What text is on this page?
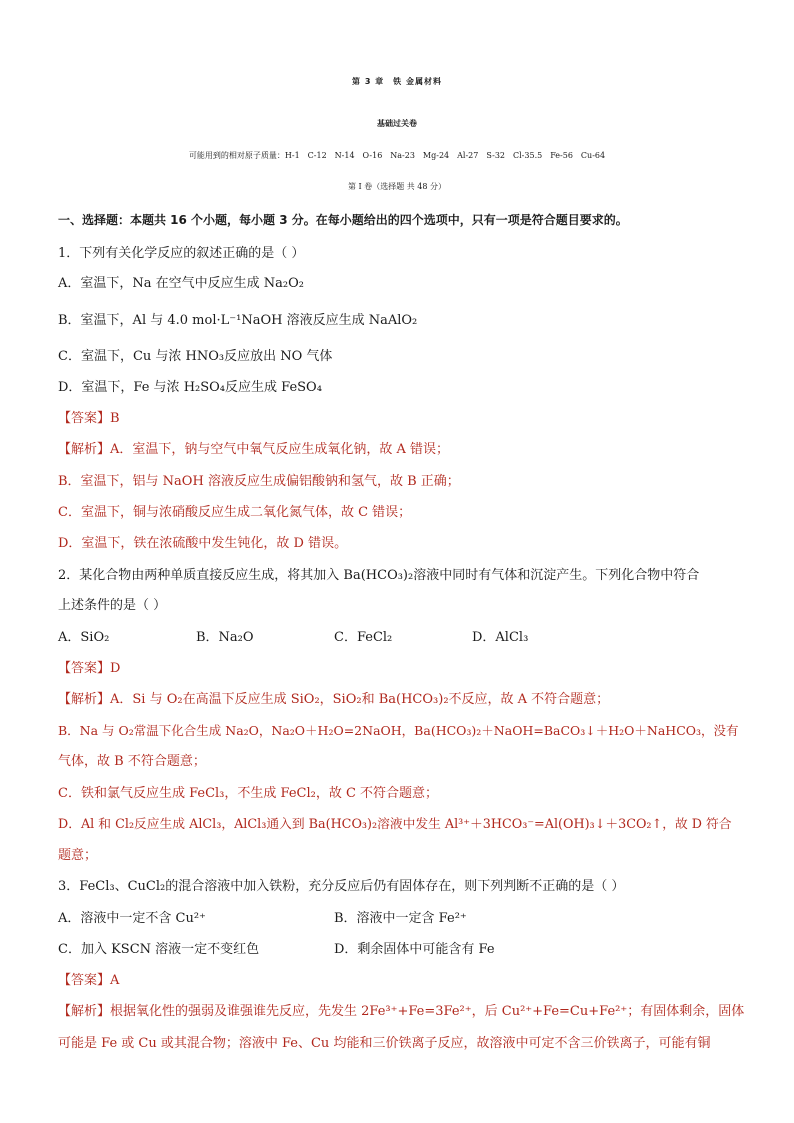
第 3 章　铁 金属材料
基础过关卷
可能用到的相对原子质量：H-1　C-12　N-14　O-16　Na-23　Mg-24　Al-27　S-32　Cl-35.5　Fe-56　Cu-64
第 I 卷（选择题 共 48 分）
一、选择题：本题共 16 个小题，每小题 3 分。在每小题给出的四个选项中，只有一项是符合题目要求的。
1．下列有关化学反应的叙述正确的是（ ）
A．室温下，Na 在空气中反应生成 Na₂O₂
B．室温下，Al 与 4.0 mol·L⁻¹NaOH 溶液反应生成 NaAlO₂
C．室温下，Cu 与浓 HNO₃反应放出 NO 气体
D．室温下，Fe 与浓 H₂SO₄反应生成 FeSO₄
【答案】B
【解析】A．室温下，钠与空气中氧气反应生成氧化钠，故 A 错误；
B．室温下，铝与 NaOH 溶液反应生成偏铝酸钠和氢气，故 B 正确；
C．室温下，铜与浓硝酸反应生成二氧化氮气体，故 C 错误；
D．室温下，铁在浓硫酸中发生钝化，故 D 错误。
2．某化合物由两种单质直接反应生成，将其加入 Ba(HCO₃)₂溶液中同时有气体和沉淀产生。下列化合物中符合
上述条件的是（ ）
A．SiO₂	B．Na₂O	C．FeCl₂	D．AlCl₃
【答案】D
【解析】A．Si 与 O₂在高温下反应生成 SiO₂，SiO₂和 Ba(HCO₃)₂不反应，故 A 不符合题意；
B．Na 与 O₂常温下化合生成 Na₂O，Na₂O＋H₂O=2NaOH，Ba(HCO₃)₂＋NaOH=BaCO₃↓＋H₂O＋NaHCO₃，没有
气体，故 B 不符合题意；
C．铁和氯气反应生成 FeCl₃，不生成 FeCl₂，故 C 不符合题意；
D．Al 和 Cl₂反应生成 AlCl₃，AlCl₃通入到 Ba(HCO₃)₂溶液中发生 Al³⁺＋3HCO₃⁻=Al(OH)₃↓＋3CO₂↑，故 D 符合
题意；
3．FeCl₃、CuCl₂的混合溶液中加入铁粉，充分反应后仍有固体存在，则下列判断不正确的是（ ）
A．溶液中一定不含 Cu²⁺	B．溶液中一定含 Fe²⁺
C．加入 KSCN 溶液一定不变红色	D．剩余固体中可能含有 Fe
【答案】A
【解析】根据氧化性的强弱及谁强谁先反应，先发生 2Fe³⁺+Fe=3Fe²⁺，后 Cu²⁺+Fe=Cu+Fe²⁺；有固体剩余，固体
可能是 Fe 或 Cu 或其混合物；溶液中 Fe、Cu 均能和三价铁离子反应，故溶液中可定不含三价铁离子，可能有铜
